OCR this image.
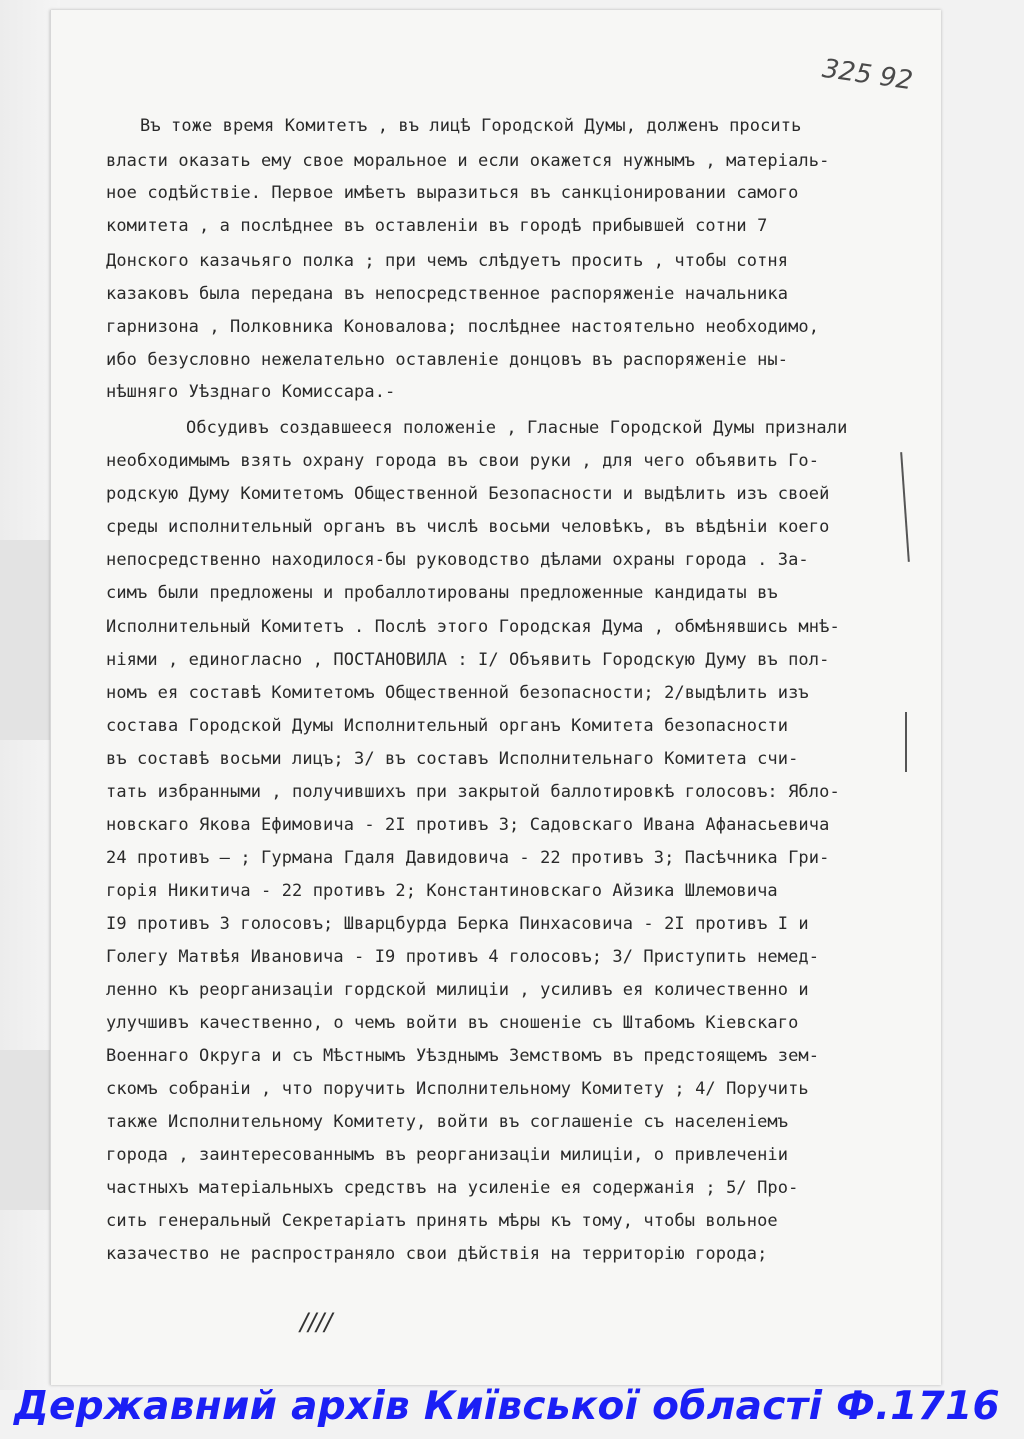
325 92

Въ тоже время Комитетъ , въ лицѣ Городской Думы, долженъ просить

власти оказать ему свое моральное и если окажется нужнымъ , матеріаль-

ное содѣйствіе. Первое имѣетъ выразиться въ санкціонировании самого

комитета , а послѣднее въ оставленіи въ городѣ прибывшей сотни 7

Донского казачьяго полка ; при чемъ слѣдуетъ просить , чтобы сотня

казаковъ была передана въ непосредственное распоряженіе начальника

гарнизона , Полковника Коновалова; послѣднее настоятельно необходимо,

ибо безусловно нежелательно оставленіе донцовъ въ распоряженіе ны-

нѣшняго Уѣзднаго Комиссара.-

Обсудивъ создавшееся положеніе , Гласные Городской Думы признали

необходимымъ взять охрану города въ свои руки , для чего объявить Го-

родскую Думу Комитетомъ Общественной Безопасности и выдѣлить изъ своей

среды исполнительный органъ въ числѣ восьми человѣкъ, въ вѣдѣніи коего

непосредственно находилося-бы руководство дѣлами охраны города . За-

симъ были предложены и пробаллотированы предложенные кандидаты въ

Исполнительный Комитетъ . Послѣ этого Городская Дума , обмѣнявшись мнѣ-

ніями , единогласно , ПОСТАНОВИЛА : I/ Объявить Городскую Думу въ пол-

номъ ея составѣ Комитетомъ Общественной безопасности; 2/выдѣлить изъ

состава Городской Думы Исполнительный органъ Комитета безопасности

въ составѣ восьми лицъ; 3/ въ составъ Исполнительнаго Комитета счи-

тать избранными , получившихъ при закрытой баллотировкѣ голосовъ: Ябло-

новскаго Якова Ефимовича - 2I противъ 3; Садовскаго Ивана Афанасьевича

24 противъ ‒ ; Гурмана Гдаля Давидовича - 22 противъ 3; Пасѣчника Гри-

горія Никитича - 22 противъ 2; Константиновскаго Айзика Шлемовича

I9 противъ 3 голосовъ; Шварцбурда Берка Пинхасовича - 2I противъ I и

Голегу Матвѣя Ивановича - I9 противъ 4 голосовъ; 3/ Приступить немед-

ленно къ реорганизаціи гордской милиціи , усиливъ ея количественно и

улучшивъ качественно, о чемъ войти въ сношеніе съ Штабомъ Кіевскаго

Военнаго Округа и съ Мѣстнымъ Уѣзднымъ Земствомъ въ предстоящемъ зем-

скомъ собраніи , что поручить Исполнительному Комитету ; 4/ Поручить

также Исполнительному Комитету, войти въ соглашеніе съ населеніемъ

города , заинтересованнымъ въ реорганизаціи милиціи, о привлеченіи

частныхъ матеріальныхъ средствъ на усиленіе ея содержанія ; 5/ Про-

сить генеральный Секретаріатъ принять мѣры къ тому, чтобы вольное

казачество не распространяло свои дѣйствія на территорію города;

////
Державний архів Київської області Ф.1716
